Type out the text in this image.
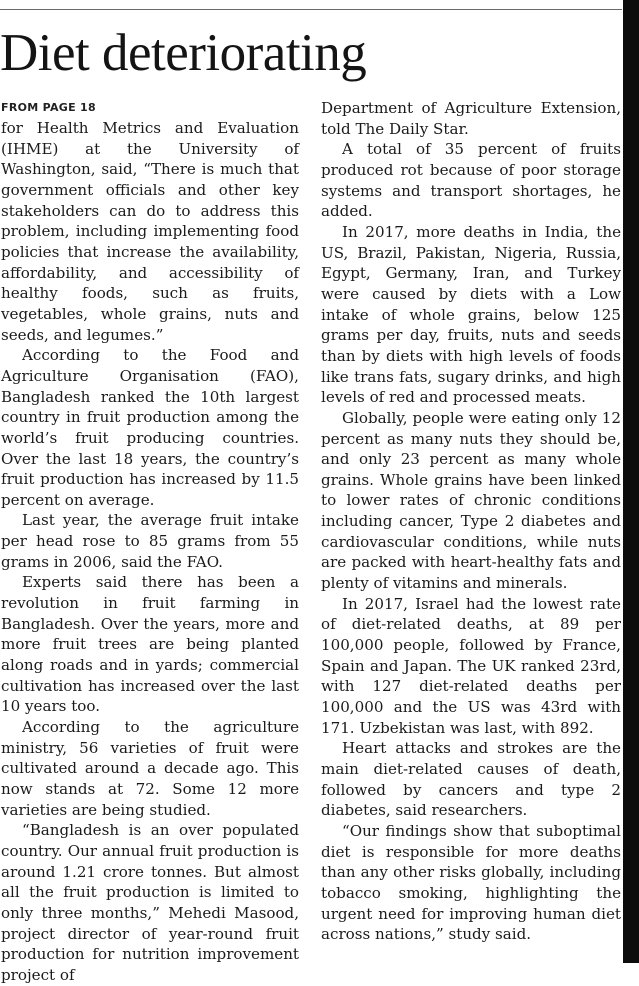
Diet deteriorating
FROM PAGE 18

for Health Metrics and Evaluation (IHME) at the University of Washington, said, “There is much that government officials and other key stakeholders can do to address this problem, including implementing food policies that increase the availability, affordability, and accessibility of healthy foods, such as fruits, vegetables, whole grains, nuts and seeds, and legumes.”

According to the Food and Agriculture Organisation (FAO), Bangladesh ranked the 10th largest country in fruit production among the world’s fruit producing countries. Over the last 18 years, the country’s fruit production has increased by 11.5 percent on average.

Last year, the average fruit intake per head rose to 85 grams from 55 grams in 2006, said the FAO.

Experts said there has been a revolution in fruit farming in Bangladesh. Over the years, more and more fruit trees are being planted along roads and in yards; commercial cultivation has increased over the last 10 years too.

According to the agriculture ministry, 56 varieties of fruit were cultivated around a decade ago. This now stands at 72. Some 12 more varieties are being studied.

“Bangladesh is an over populated country. Our annual fruit production is around 1.21 crore tonnes. But almost all the fruit production is limited to only three months,” Mehedi Masood, project director of year-round fruit production for nutrition improvement project of

Department of Agriculture Extension, told The Daily Star.

A total of 35 percent of fruits produced rot because of poor storage systems and transport shortages, he added.

In 2017, more deaths in India, the US, Brazil, Pakistan, Nigeria, Russia, Egypt, Germany, Iran, and Turkey were caused by diets with a Low intake of whole grains, below 125 grams per day, fruits, nuts and seeds than by diets with high levels of foods like trans fats, sugary drinks, and high levels of red and processed meats.

Globally, people were eating only 12 percent as many nuts they should be, and only 23 percent as many whole grains. Whole grains have been linked to lower rates of chronic conditions including cancer, Type 2 diabetes and cardiovascular conditions, while nuts are packed with heart-healthy fats and plenty of vitamins and minerals.

In 2017, Israel had the lowest rate of diet-related deaths, at 89 per 100,000 people, followed by France, Spain and Japan. The UK ranked 23rd, with 127 diet-related deaths per 100,000 and the US was 43rd with 171. Uzbekistan was last, with 892.

Heart attacks and strokes are the main diet-related causes of death, followed by cancers and type 2 diabetes, said researchers.

“Our findings show that suboptimal diet is responsible for more deaths than any other risks globally, including tobacco smoking, highlighting the urgent need for improving human diet across nations,” study said.
